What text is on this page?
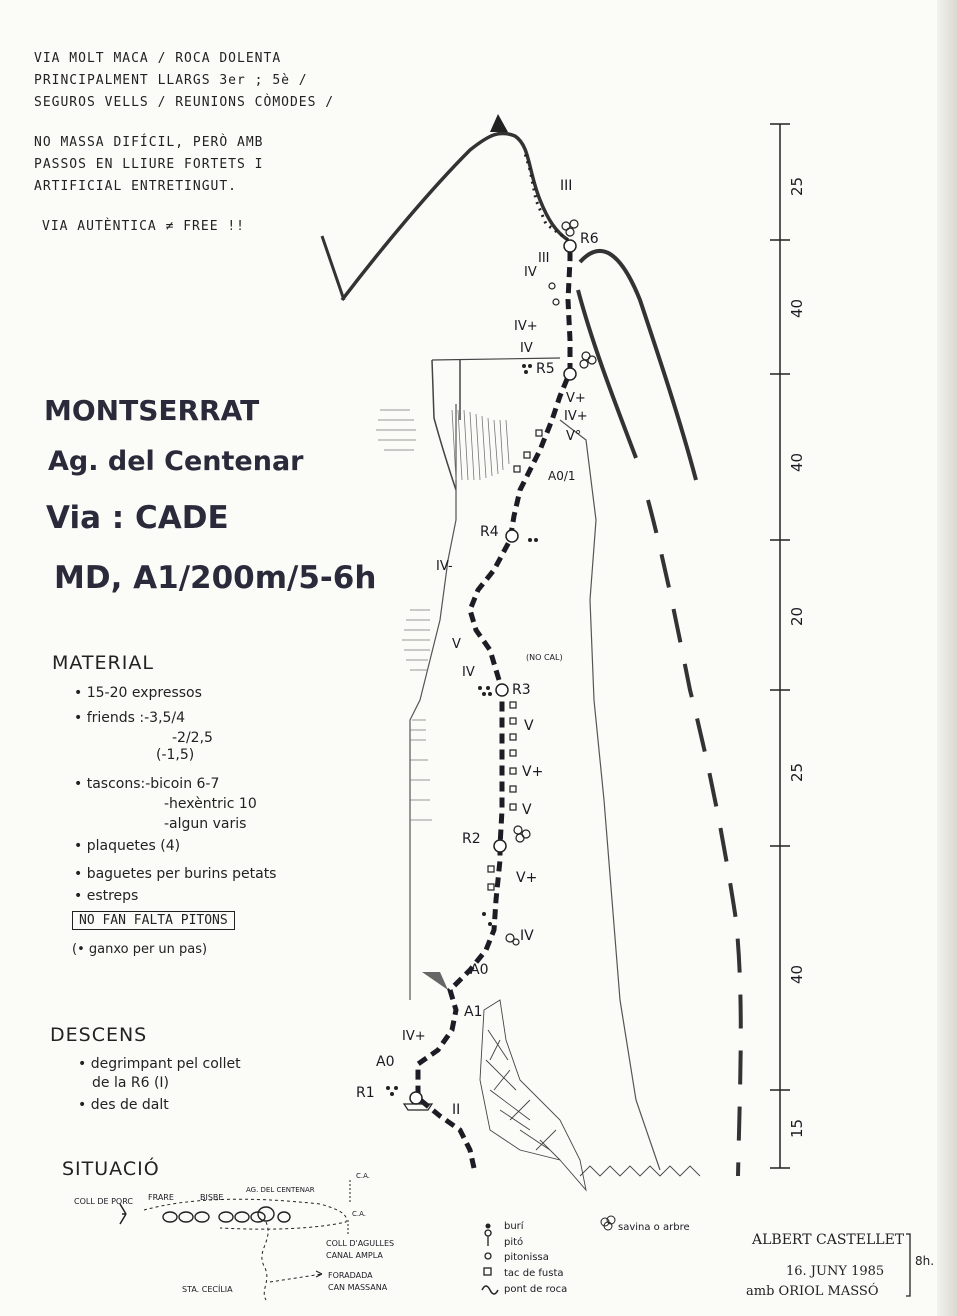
VIA MOLT MACA / ROCA DOLENTA
PRINCIPALMENT LLARGS 3er ; 5è /
SEGUROS VELLS / REUNIONS CÒMODES /
NO MASSA DIFÍCIL, PERÒ AMB
PASSOS EN LLIURE FORTETS I
ARTIFICIAL ENTRETINGUT.
VIA AUTÈNTICA ≠ FREE !!
MONTSERRAT
Ag. del Centenar
Via : CADE
MD, A1/200m/5-6h
MATERIAL
• 15-20 expressos
• friends :-3,5/4
-2/2,5
(-1,5)
• tascons:-bicoin 6-7
-hexèntric 10
-algun varis
• plaquetes (4)
• baguetes per burins petats
• estreps
NO FAN FALTA PITONS
(• ganxo per un pas)
DESCENS
• degrimpant pel collet
de la R6 (I)
• des de dalt
SITUACIÓ
COLL DE PORC FRARE	BISBE
AG. DEL CENTENAR
C.A.
C.A.
COLL D'AGULLES
CANAL AMPLA
STA. CECÍLIA
FORADADA
CAN MASSANA
burí
pitó
pitonissa
tac de fusta
pont de roca
savina o arbre
ALBERT CASTELLET
16. JUNY 1985
amb ORIOL MASSÓ
8h.
25
40
40
20
25
40
15
R1
R2
R3
R4
R5
R6
III
III
IV
IV+
IV
V+
IV+
V°
A0/1
IV-
V
IV
V
V+
V
V+
IV
A0
A1
IV+
A0
II
(NO CAL)
